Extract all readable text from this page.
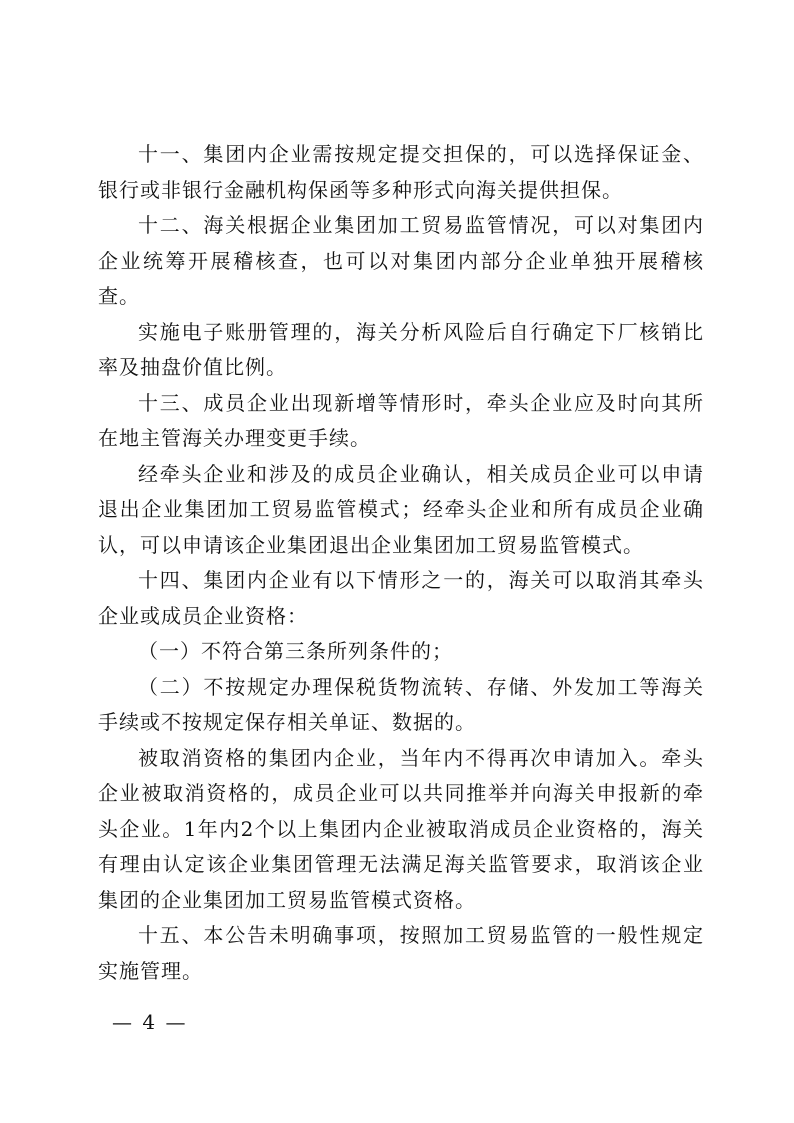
十一、集团内企业需按规定提交担保的，可以选择保证金、银行或非银行金融机构保函等多种形式向海关提供担保。

十二、海关根据企业集团加工贸易监管情况，可以对集团内企业统筹开展稽核查，也可以对集团内部分企业单独开展稽核查。

实施电子账册管理的，海关分析风险后自行确定下厂核销比率及抽盘价值比例。

十三、成员企业出现新增等情形时，牵头企业应及时向其所在地主管海关办理变更手续。

经牵头企业和涉及的成员企业确认，相关成员企业可以申请退出企业集团加工贸易监管模式；经牵头企业和所有成员企业确认，可以申请该企业集团退出企业集团加工贸易监管模式。

十四、集团内企业有以下情形之一的，海关可以取消其牵头企业或成员企业资格：

（一）不符合第三条所列条件的；

（二）不按规定办理保税货物流转、存储、外发加工等海关手续或不按规定保存相关单证、数据的。

被取消资格的集团内企业，当年内不得再次申请加入。牵头企业被取消资格的，成员企业可以共同推举并向海关申报新的牵头企业。1年内2个以上集团内企业被取消成员企业资格的，海关有理由认定该企业集团管理无法满足海关监管要求，取消该企业集团的企业集团加工贸易监管模式资格。

十五、本公告未明确事项，按照加工贸易监管的一般性规定实施管理。

— 4 —
